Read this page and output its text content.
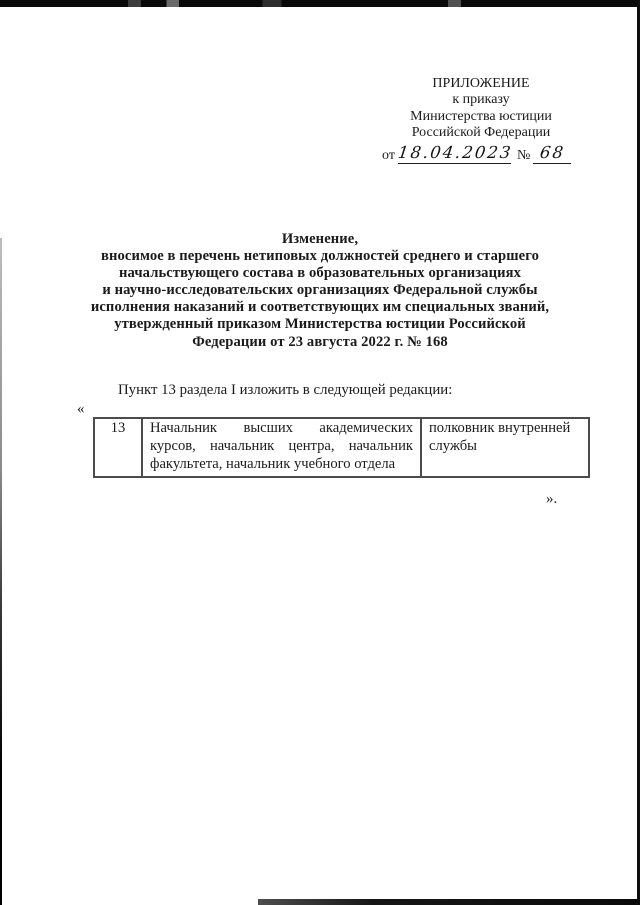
ПРИЛОЖЕНИЕ
к приказу
Министерства юстиции
Российской Федерации
от 18.04.2023 № 68
Изменение,
вносимое в перечень нетиповых должностей среднего и старшего
начальствующего состава в образовательных организациях
и научно-исследовательских организациях Федеральной службы
исполнения наказаний и соответствующих им специальных званий,
утвержденный приказом Министерства юстиции Российской
Федерации от 23 августа 2022 г. № 168
Пункт 13 раздела I изложить в следующей редакции:
«
13	Начальник высших академических курсов, начальник центра, начальник факультета, начальник учебного отдела	полковник внутренней службы
».
